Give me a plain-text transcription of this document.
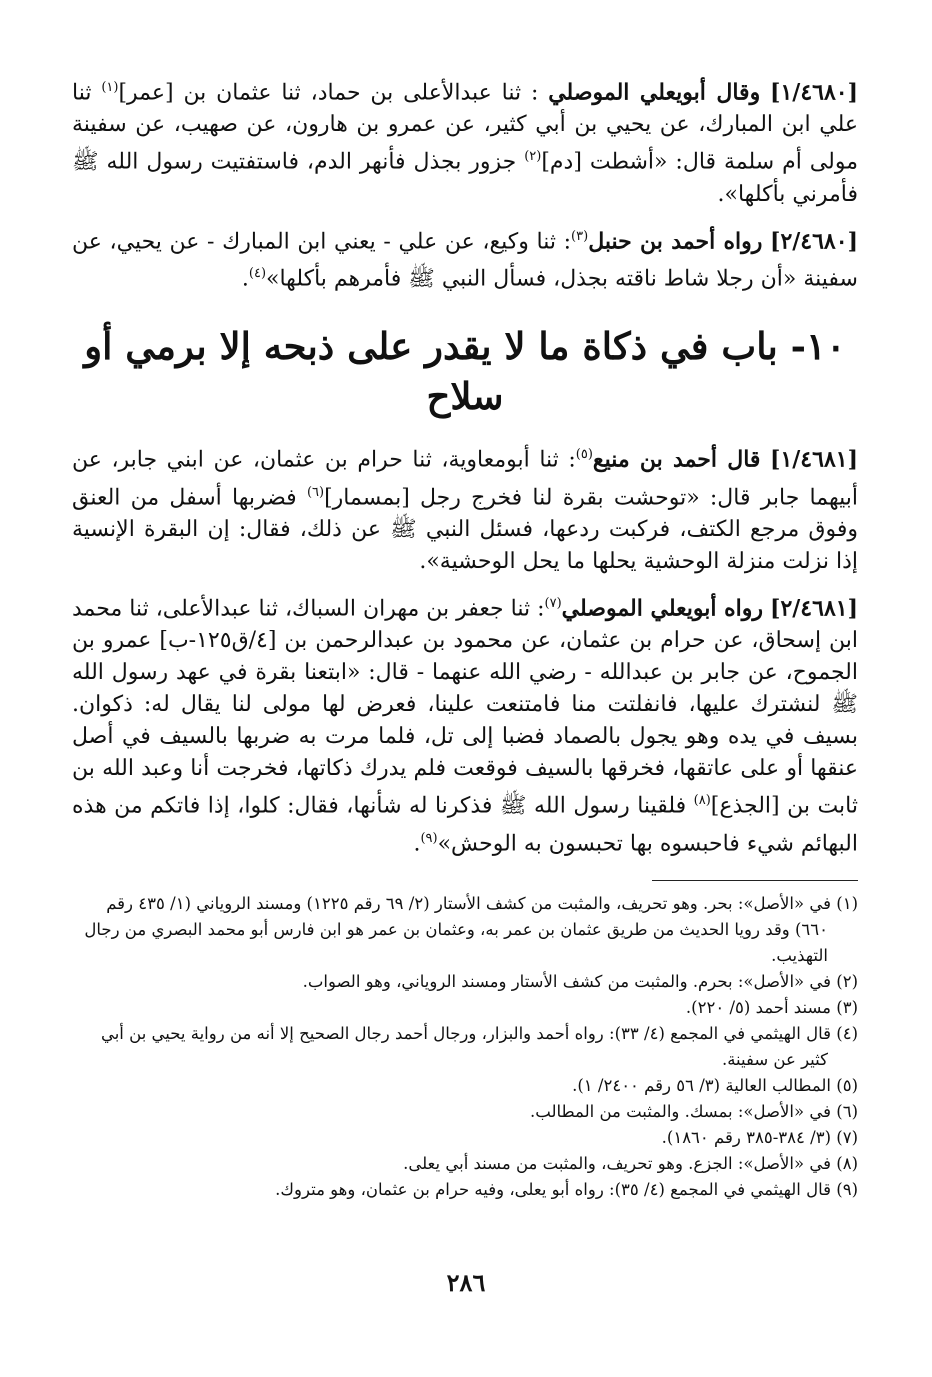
[١/٤٦٨٠] وقال أبويعلي الموصلي : ثنا عبدالأعلى بن حماد، ثنا عثمان بن [عمر]$^{(١)}$ ثنا علي ابن المبارك، عن يحيي بن أبي كثير، عن عمرو بن هارون، عن صهيب، عن سفينة مولى أم سلمة قال: «أشطت [دم]$^{(٢)}$ جزور بجذل فأنهر الدم، فاستفتيت رسول الله ﷺ فأمرني بأكلها».

[٢/٤٦٨٠] رواه أحمد بن حنبل$^{(٣)}$: ثنا وكيع، عن علي - يعني ابن المبارك - عن يحيي، عن سفينة «أن رجلا شاط ناقته بجذل، فسأل النبي ﷺ فأمرهم بأكلها»$^{(٤)}$.

١٠- باب في ذكاة ما لا يقدر على ذبحه إلا برمي أو سلاح

[١/٤٦٨١] قال أحمد بن منيع$^{(٥)}$: ثنا أبومعاوية، ثنا حرام بن عثمان، عن ابني جابر، عن أبيهما جابر قال: «توحشت بقرة لنا فخرج رجل [بمسمار]$^{(٦)}$ فضربها أسفل من العنق وفوق مرجع الكتف، فركبت ردعها، فسئل النبي ﷺ عن ذلك، فقال: إن البقرة الإنسية إذا نزلت منزلة الوحشية يحلها ما يحل الوحشية».

[٢/٤٦٨١] رواه أبويعلي الموصلي$^{(٧)}$: ثنا جعفر بن مهران السباك، ثنا عبدالأعلى، ثنا محمد ابن إسحاق، عن حرام بن عثمان، عن محمود بن عبدالرحمن بن [٤/ق١٢٥-ب] عمرو بن الجموح، عن جابر بن عبدالله - رضي الله عنهما - قال: «ابتعنا بقرة في عهد رسول الله ﷺ لنشترك عليها، فانفلتت منا فامتنعت علينا، فعرض لها مولى لنا يقال له: ذكوان. بسيف في يده وهو يجول بالصماد فضبا إلى تل، فلما مرت به ضربها بالسيف في أصل عنقها أو على عاتقها، فخرقها بالسيف فوقعت فلم يدرك ذكاتها، فخرجت أنا وعبد الله بن ثابت بن [الجذع]$^{(٨)}$ فلقينا رسول الله ﷺ فذكرنا له شأنها، فقال: كلوا، إذا فاتكم من هذه البهائم شيء فاحبسوه بها تحبسون به الوحش»$^{(٩)}$.

(١) في «الأصل»: بحر. وهو تحريف، والمثبت من كشف الأستار (٢/ ٦٩ رقم ١٢٢٥) ومسند الروياني (١/ ٤٣٥ رقم ٦٦٠) وقد رويا الحديث من طريق عثمان بن عمر به، وعثمان بن عمر هو ابن فارس أبو محمد البصري من رجال التهذيب.

(٢) في «الأصل»: بحرم. والمثبت من كشف الأستار ومسند الروياني، وهو الصواب.

(٣) مسند أحمد (٥/ ٢٢٠).

(٤) قال الهيثمي في المجمع (٤/ ٣٣): رواه أحمد والبزار، ورجال أحمد رجال الصحيح إلا أنه من رواية يحيي بن أبي كثير عن سفينة.

(٥) المطالب العالية (٣/ ٥٦ رقم ٢٤٠٠/ ١).

(٦) في «الأصل»: بمسك. والمثبت من المطالب.

(٧) (٣/ ٣٨٤-٣٨٥ رقم ١٨٦٠).

(٨) في «الأصل»: الجزع. وهو تحريف، والمثبت من مسند أبي يعلى.

(٩) قال الهيثمي في المجمع (٤/ ٣٥): رواه أبو يعلى، وفيه حرام بن عثمان، وهو متروك.

٢٨٦
